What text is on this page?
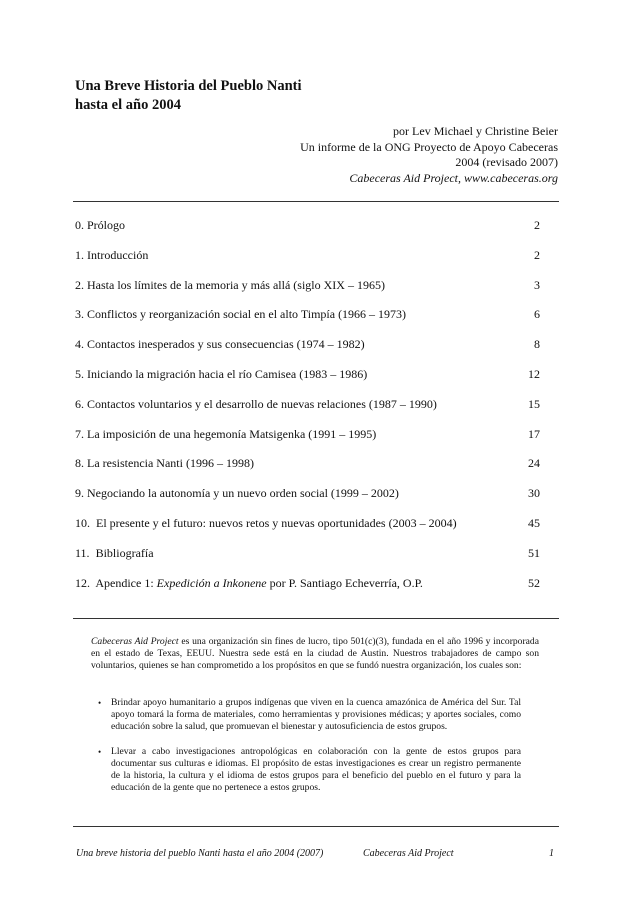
Una Breve Historia del Pueblo Nanti
hasta el año 2004
por Lev Michael y Christine Beier
Un informe de la ONG Proyecto de Apoyo Cabeceras
2004 (revisado 2007)
Cabeceras Aid Project, www.cabeceras.org
0. Prólogo	2
1. Introducción	2
2. Hasta los límites de la memoria y más allá (siglo XIX – 1965)	3
3. Conflictos y reorganización social en el alto Timpía (1966 – 1973)	6
4. Contactos inesperados y sus consecuencias (1974 – 1982)	8
5. Iniciando la migración hacia el río Camisea (1983 – 1986)	12
6. Contactos voluntarios y el desarrollo de nuevas relaciones (1987 – 1990)	15
7. La imposición de una hegemonía Matsigenka (1991 – 1995)	17
8. La resistencia Nanti (1996 – 1998)	24
9. Negociando la autonomía y un nuevo orden social (1999 – 2002)	30
10. El presente y el futuro: nuevos retos y nuevas oportunidades (2003 – 2004)	45
11. Bibliografía	51
12. Apendice 1: Expedición a Inkonene por P. Santiago Echeverría, O.P.	52

Cabeceras Aid Project es una organización sin fines de lucro, tipo 501(c)(3), fundada en el año 1996 y incorporada en el estado de Texas, EEUU. Nuestra sede está en la ciudad de Austin. Nuestros trabajadores de campo son voluntarios, quienes se han comprometido a los propósitos en que se fundó nuestra organización, los cuales son:

• Brindar apoyo humanitario a grupos indígenas que viven en la cuenca amazónica de América del Sur. Tal apoyo tomará la forma de materiales, como herramientas y provisiones médicas; y aportes sociales, como educación sobre la salud, que promuevan el bienestar y autosuficiencia de estos grupos.
• Llevar a cabo investigaciones antropológicas en colaboración con la gente de estos grupos para documentar sus culturas e idiomas. El propósito de estas investigaciones es crear un registro permanente de la historia, la cultura y el idioma de estos grupos para el beneficio del pueblo en el futuro y para la educación de la gente que no pertenece a estos grupos.
Una breve historia del pueblo Nanti hasta el año 2004 (2007)	Cabeceras Aid Project	1
